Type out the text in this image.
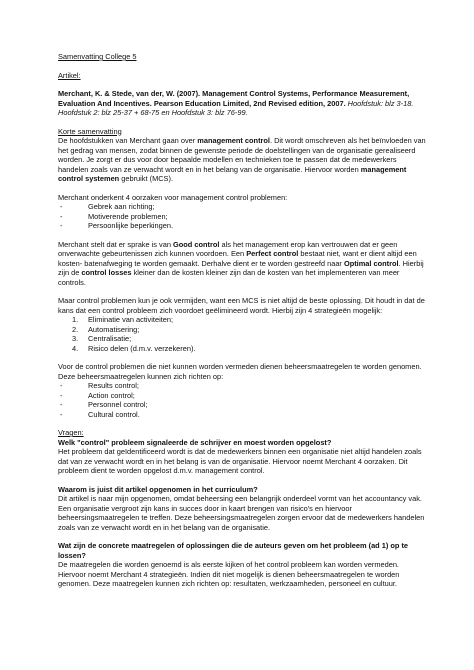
Samenvatting College 5

Artikel:

Merchant, K. & Stede, van der, W. (2007). Management Control Systems, Performance Measurement, Evaluation And Incentives. Pearson Education Limited, 2nd Revised edition, 2007. Hoofdstuk: blz 3-18. Hoofdstuk 2: blz 25-37 + 68-75 en Hoofdstuk 3: blz 76-99.

Korte samenvatting

De hoofdstukken van Merchant gaan over management control. Dit wordt omschreven als het beïnvloeden van het gedrag van mensen, zodat binnen de gewenste periode de doelstellingen van de organisatie gerealiseerd worden. Je zorgt er dus voor door bepaalde modellen en technieken toe te passen dat de medewerkers handelen zoals van ze verwacht wordt en in het belang van de organisatie. Hiervoor worden management control systemen gebruikt (MCS).

Merchant onderkent 4 oorzaken voor management control problemen:

- Gebrek aan richting;
- Motiverende problemen;
- Persoonlijke beperkingen.

Merchant stelt dat er sprake is van Good control als het management erop kan vertrouwen dat er geen onverwachte gebeurtenissen zich kunnen voordoen. Een Perfect control bestaat niet, want er dient altijd een kosten- batenafweging te worden gemaakt. Derhalve dient er te worden gestreefd naar Optimal control. Hierbij zijn de control losses kleiner dan de kosten kleiner zijn dan de kosten van het implementeren van meer controls.

Maar control problemen kun je ook vermijden, want een MCS is niet altijd de beste oplossing. Dit houdt in dat de kans dat een control probleem zich voordoet geëlimineerd wordt. Hierbij zijn 4 strategieën mogelijk:

1. Eliminatie van activiteiten;
2. Automatisering;
3. Centralisatie;
4. Risico delen (d.m.v. verzekeren).

Voor de control problemen die niet kunnen worden vermeden dienen beheersmaatregelen te worden genomen. Deze beheersmaatregelen kunnen zich richten op:

- Results control;
- Action control;
- Personnel control;
- Cultural control.

Vragen:

Welk "control" probleem signaleerde de schrijver en moest worden opgelost?

Het probleem dat geïdentificeerd wordt is dat de medewerkers binnen een organisatie niet altijd handelen zoals dat van ze verwacht wordt en in het belang is van de organisatie. Hiervoor noemt Merchant 4 oorzaken. Dit probleem dient te worden opgelost d.m.v. management control.

Waarom is juist dit artikel opgenomen in het curriculum?

Dit artikel is naar mijn opgenomen, omdat beheersing een belangrijk onderdeel vormt van het accountancy vak. Een organisatie vergroot zijn kans in succes door in kaart brengen van risico's en hiervoor beheersingsmaatregelen te treffen. Deze beheersingsmaatregelen zorgen ervoor dat de medewerkers handelen zoals van ze verwacht wordt en in het belang van de organisatie.

Wat zijn de concrete maatregelen of oplossingen die de auteurs geven om het probleem (ad 1) op te lossen?

De maatregelen die worden genoemd is als eerste kijken of het control probleem kan worden vermeden. Hiervoor noemt Merchant 4 strategieën. Indien dit niet mogelijk is dienen beheersmaatregelen te worden genomen. Deze maatregelen kunnen zich richten op: resultaten, werkzaamheden, personeel en cultuur.
